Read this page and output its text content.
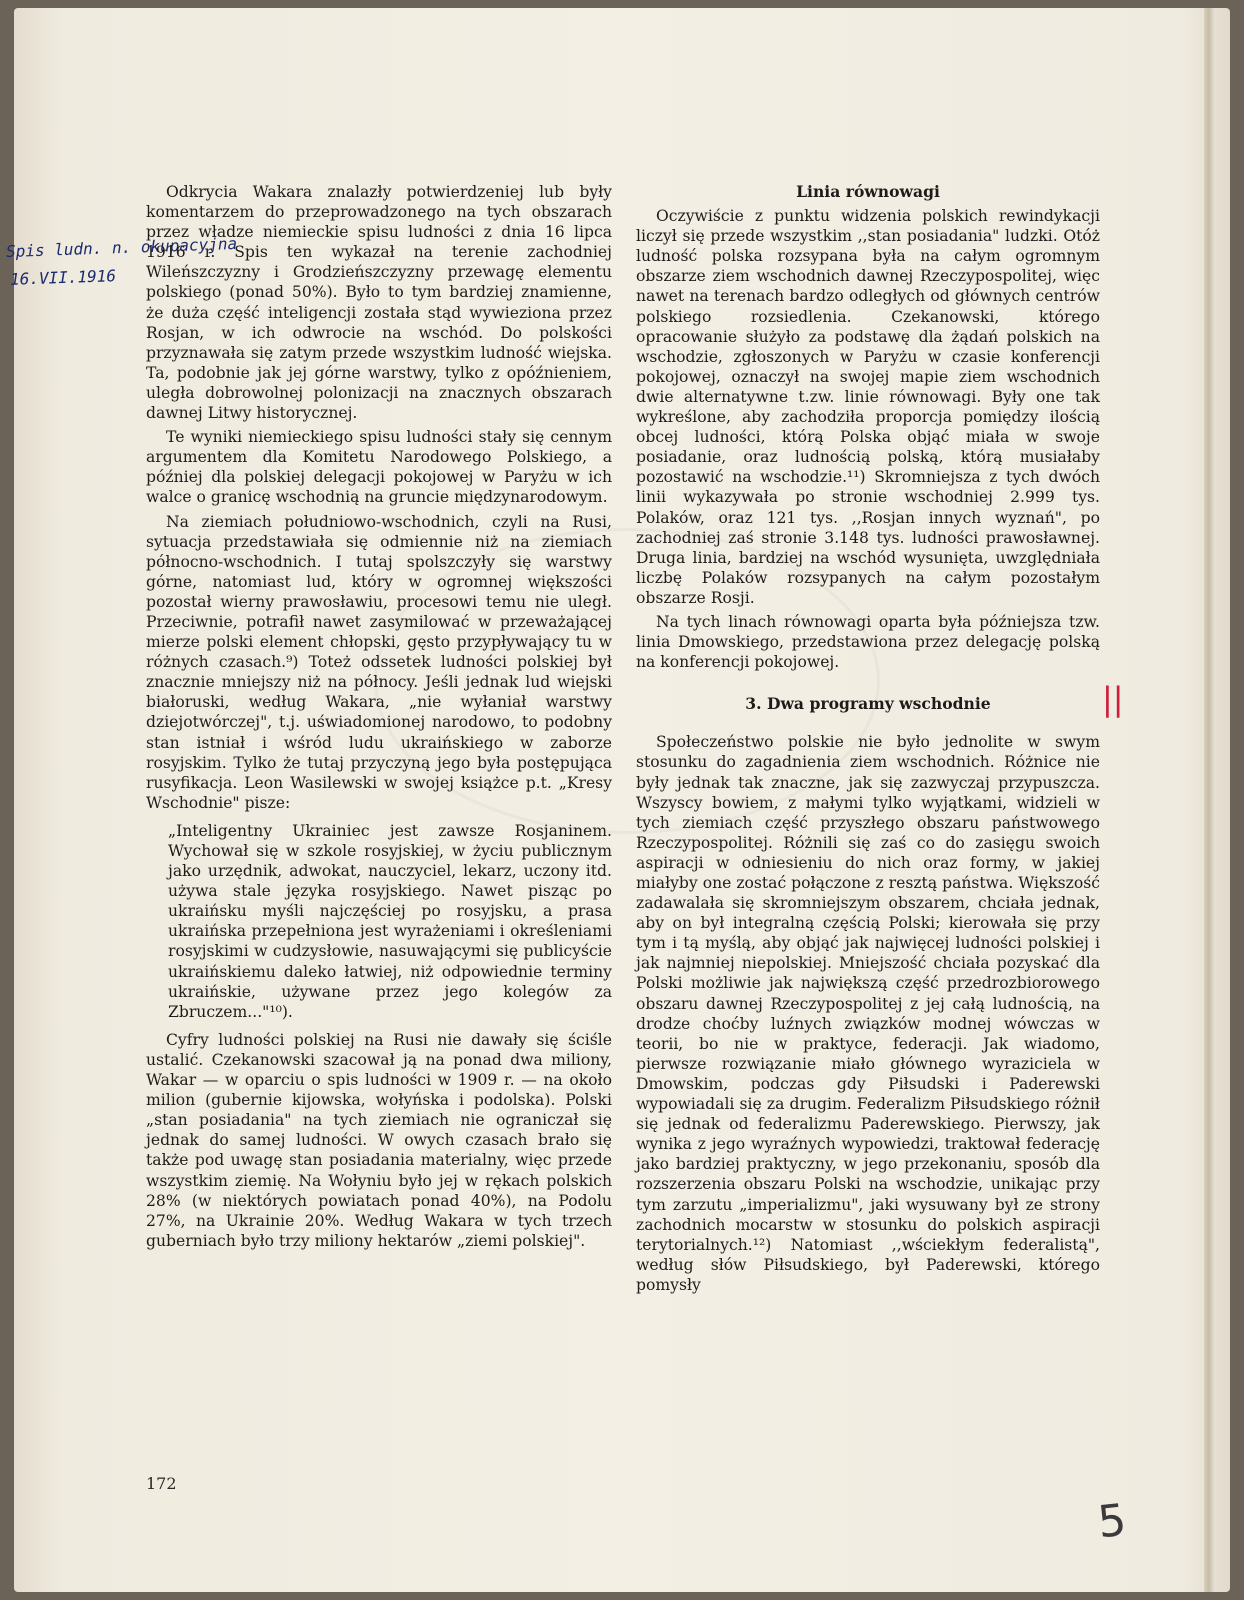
Spis ludn. n. okupacyjna
16.VII.1916

Odkrycia Wakara znalazły potwierdzeniej lub były komentarzem do przeprowadzonego na tych obszarach przez władze niemieckie spisu ludności z dnia 16 lipca 1916 r. Spis ten wykazał na terenie zachodniej Wileńszczyzny i Grodzieńszczyzny przewagę elementu polskiego (ponad 50%). Było to tym bardziej znamienne, że duża część inteligencji została stąd wywieziona przez Rosjan, w ich odwrocie na wschód. Do polskości przyznawała się zatym przede wszystkim ludność wiejska. Ta, podobnie jak jej górne warstwy, tylko z opóźnieniem, uległa dobrowolnej polonizacji na znacznych obszarach dawnej Litwy historycznej.

Te wyniki niemieckiego spisu ludności stały się cennym argumentem dla Komitetu Narodowego Polskiego, a później dla polskiej delegacji pokojowej w Paryżu w ich walce o granicę wschodnią na gruncie międzynarodowym.

Na ziemiach południowo-wschodnich, czyli na Rusi, sytuacja przedstawiała się odmiennie niż na ziemiach północno-wschodnich. I tutaj spolszczyły się warstwy górne, natomiast lud, który w ogromnej większości pozostał wierny prawosławiu, procesowi temu nie uległ. Przeciwnie, potrafił nawet zasymilować w przeważającej mierze polski element chłopski, gęsto przypływający tu w różnych czasach.⁹) Toteż odssetek ludności polskiej był znacznie mniejszy niż na północy. Jeśli jednak lud wiejski białoruski, według Wakara, „nie wyłaniał warstwy dziejotwórczej", t.j. uświadomionej narodowo, to podobny stan istniał i wśród ludu ukraińskiego w zaborze rosyjskim. Tylko że tutaj przyczyną jego była postępująca rusyfikacja. Leon Wasilewski w swojej książce p.t. „Kresy Wschodnie" pisze:

„Inteligentny Ukrainiec jest zawsze Rosjaninem. Wychował się w szkole rosyjskiej, w życiu publicznym jako urzędnik, adwokat, nauczyciel, lekarz, uczony itd. używa stale języka rosyjskiego. Nawet pisząc po ukraińsku myśli najczęściej po rosyjsku, a prasa ukraińska przepełniona jest wyrażeniami i określeniami rosyjskimi w cudzysłowie, nasuwającymi się publicyście ukraińskiemu daleko łatwiej, niż odpowiednie terminy ukraińskie, używane przez jego kolegów za Zbruczem..."¹⁰).

Cyfry ludności polskiej na Rusi nie dawały się ściśle ustalić. Czekanowski szacował ją na ponad dwa miliony, Wakar — w oparciu o spis ludności w 1909 r. — na około milion (gubernie kijowska, wołyńska i podolska). Polski „stan posiadania" na tych ziemiach nie ograniczał się jednak do samej ludności. W owych czasach brało się także pod uwagę stan posiadania materialny, więc przede wszystkim ziemię. Na Wołyniu było jej w rękach polskich 28% (w niektórych powiatach ponad 40%), na Podolu 27%, na Ukrainie 20%. Według Wakara w tych trzech guberniach było trzy miliony hektarów „ziemi polskiej".

Linia równowagi

Oczywiście z punktu widzenia polskich rewindykacji liczył się przede wszystkim ,,stan posiadania" ludzki. Otóż ludność polska rozsypana była na całym ogromnym obszarze ziem wschodnich dawnej Rzeczypospolitej, więc nawet na terenach bardzo odległych od głównych centrów polskiego rozsiedlenia. Czekanowski, którego opracowanie służyło za podstawę dla żądań polskich na wschodzie, zgłoszonych w Paryżu w czasie konferencji pokojowej, oznaczył na swojej mapie ziem wschodnich dwie alternatywne t.zw. linie równowagi. Były one tak wykreślone, aby zachodziła proporcja pomiędzy ilością obcej ludności, którą Polska objąć miała w swoje posiadanie, oraz ludnością polską, którą musiałaby pozostawić na wschodzie.¹¹) Skromniejsza z tych dwóch linii wykazywała po stronie wschodniej 2.999 tys. Polaków, oraz 121 tys. ,,Rosjan innych wyznań", po zachodniej zaś stronie 3.148 tys. ludności prawosławnej. Druga linia, bardziej na wschód wysunięta, uwzględniała liczbę Polaków rozsypanych na całym pozostałym obszarze Rosji.

Na tych linach równowagi oparta była późniejsza tzw. linia Dmowskiego, przedstawiona przez delegację polską na konferencji pokojowej.

3. Dwa programy wschodnie

Społeczeństwo polskie nie było jednolite w swym stosunku do zagadnienia ziem wschodnich. Różnice nie były jednak tak znaczne, jak się zazwyczaj przypuszcza. Wszyscy bowiem, z małymi tylko wyjątkami, widzieli w tych ziemiach część przyszłego obszaru państwowego Rzeczypospolitej. Różnili się zaś co do zasięgu swoich aspiracji w odniesieniu do nich oraz formy, w jakiej miałyby one zostać połączone z resztą państwa. Większość zadawalała się skromniejszym obszarem, chciała jednak, aby on był integralną częścią Polski; kierowała się przy tym i tą myślą, aby objąć jak najwięcej ludności polskiej i jak najmniej niepolskiej. Mniejszość chciała pozyskać dla Polski możliwie jak największą część przedrozbiorowego obszaru dawnej Rzeczypospolitej z jej całą ludnością, na drodze choćby luźnych związków modnej wówczas w teorii, bo nie w praktyce, federacji. Jak wiadomo, pierwsze rozwiązanie miało głównego wyraziciela w Dmowskim, podczas gdy Piłsudski i Paderewski wypowiadali się za drugim. Federalizm Piłsudskiego różnił się jednak od federalizmu Paderewskiego. Pierwszy, jak wynika z jego wyraźnych wypowiedzi, traktował federację jako bardziej praktyczny, w jego przekonaniu, sposób dla rozszerzenia obszaru Polski na wschodzie, unikając przy tym zarzutu „imperializmu", jaki wysuwany był ze strony zachodnich mocarstw w stosunku do polskich aspiracji terytorialnych.¹²) Natomiast ,,wściekłym federalistą", według słów Piłsudskiego, był Paderewski, którego pomysły

||
172
5
